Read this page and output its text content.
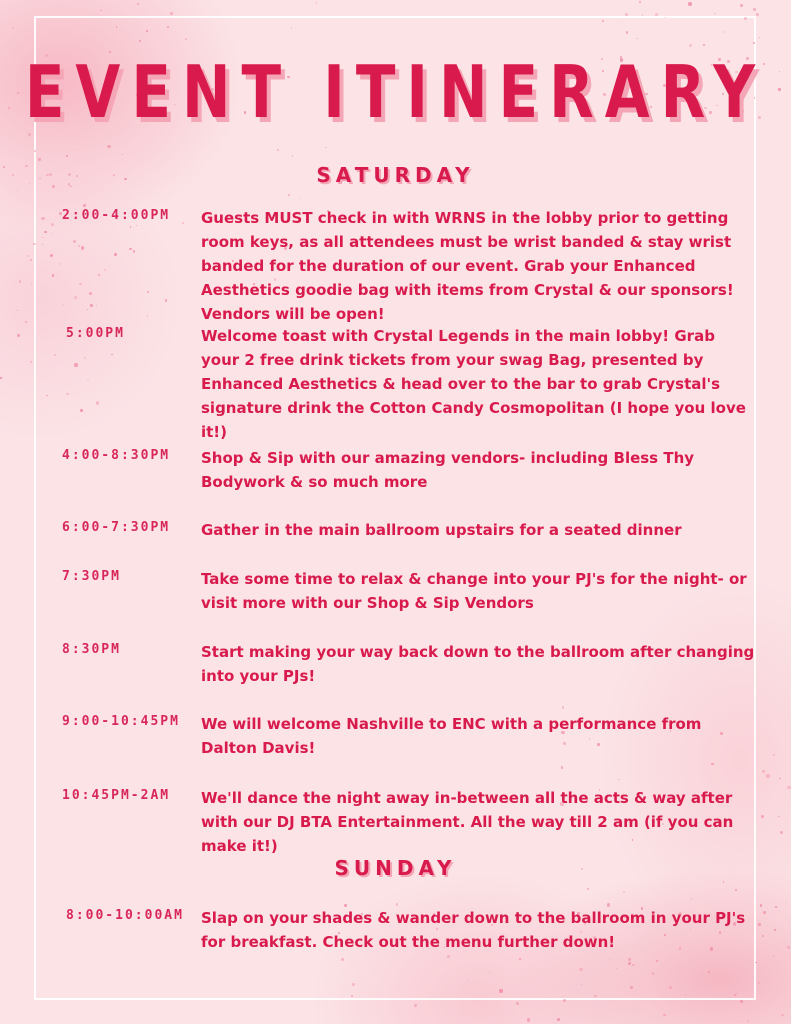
EVENT ITINERARY
SATURDAY
2:00-4:00PM Guests MUST check in with WRNS in the lobby prior to getting room keys, as all attendees must be wrist banded & stay wrist banded for the duration of our event. Grab your Enhanced Aesthetics goodie bag with items from Crystal & our sponsors! Vendors will be open!
5:00PM	Welcome toast with Crystal Legends in the main lobby! Grab your 2 free drink tickets from your swag Bag, presented by Enhanced Aesthetics & head over to the bar to grab Crystal's signature drink the Cotton Candy Cosmopolitan (I hope you love it!)
4:00-8:30PM Shop & Sip with our amazing vendors- including Bless Thy Bodywork & so much more
6:00-7:30PM Gather in the main ballroom upstairs for a seated dinner
7:30PM	Take some time to relax & change into your PJ's for the night- or visit more with our Shop & Sip Vendors
8:30PM	Start making your way back down to the ballroom after changing into your PJs!
9:00-10:45PM We will welcome Nashville to ENC with a performance from Dalton Davis!
10:45PM-2AM We'll dance the night away in-between all the acts & way after with our DJ BTA Entertainment. All the way till 2 am (if you can make it!)
SUNDAY
8:00-10:00AM Slap on your shades & wander down to the ballroom in your PJ's for breakfast. Check out the menu further down!
